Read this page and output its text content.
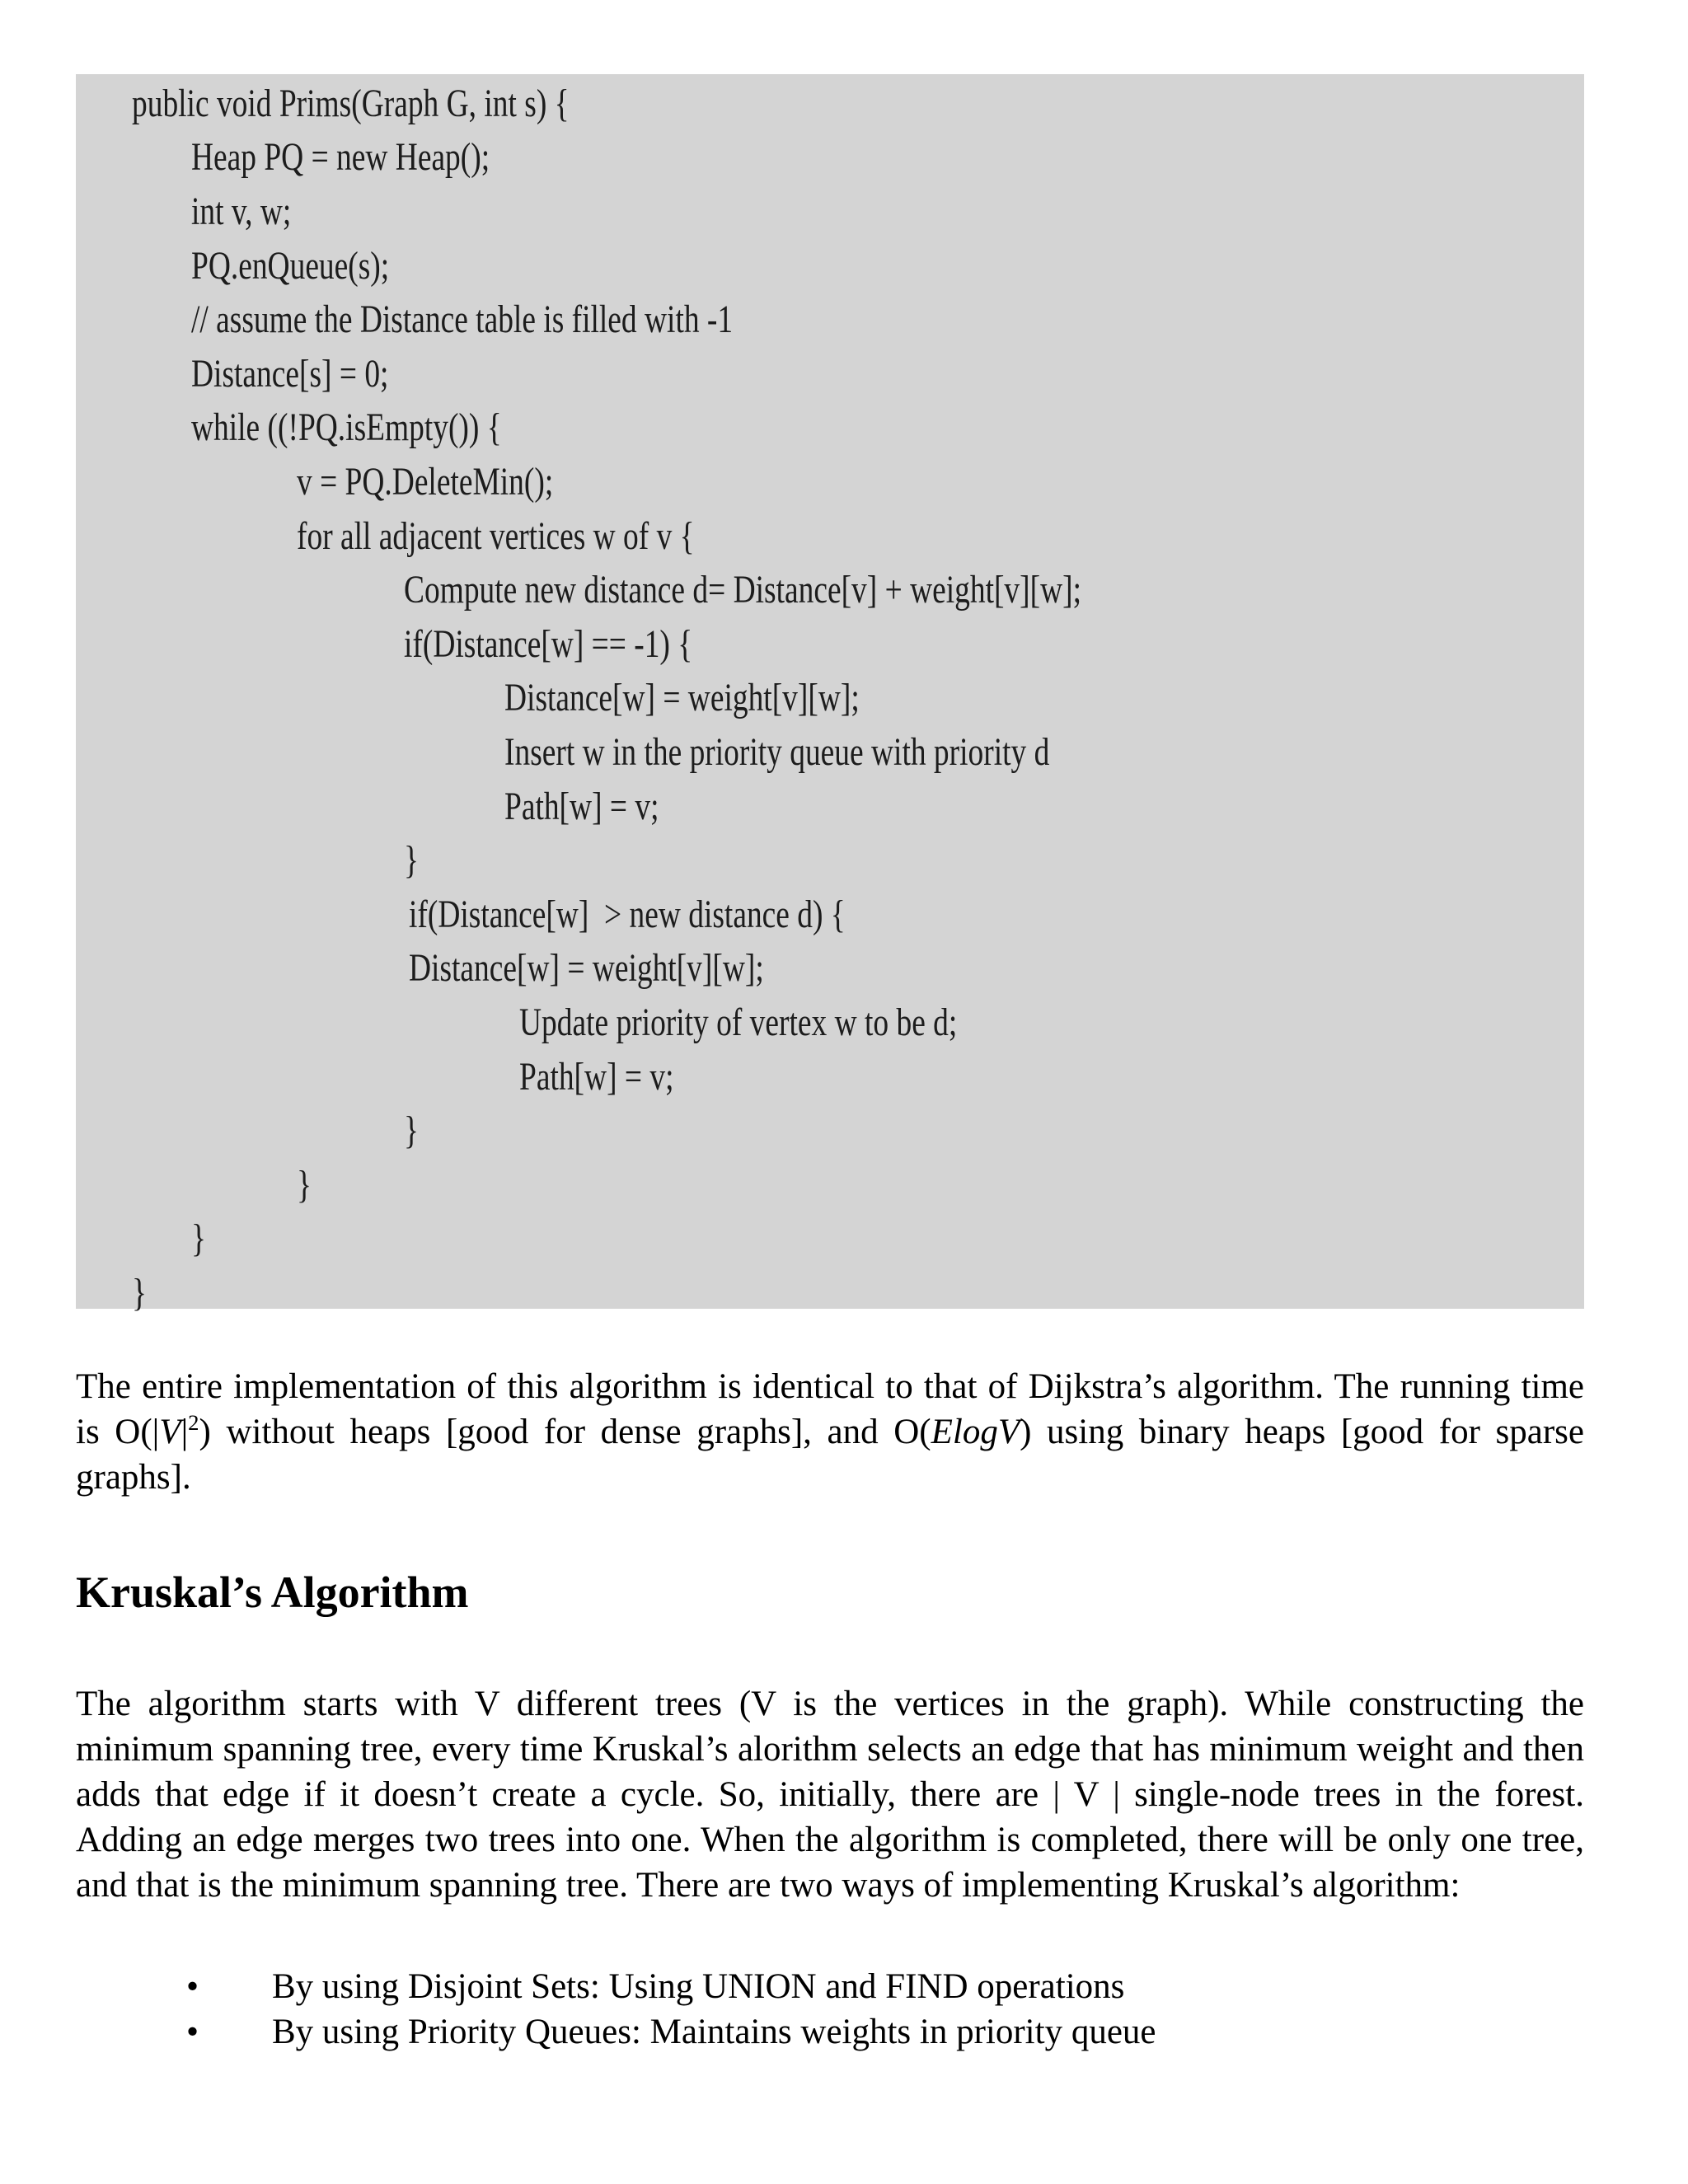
public void Prims(Graph G, int s) {
Heap PQ = new Heap();
int v, w;
PQ.enQueue(s);
// assume the Distance table is filled with -1
Distance[s] = 0;
while ((!PQ.isEmpty()) {
v = PQ.DeleteMin();
for all adjacent vertices w of v {
Compute new distance d= Distance[v] + weight[v][w];
if(Distance[w] == -1) {
Distance[w] = weight[v][w];
Insert w in the priority queue with priority d
Path[w] = v;
}
if(Distance[w]  > new distance d) {
Distance[w] = weight[v][w];
Update priority of vertex w to be d;
Path[w] = v;
}
}
}
}

The entire implementation of this algorithm is identical to that of Dijkstra’s algorithm. The running time is $O(|V|^2)$ without heaps [good for dense graphs], and O(ElogV) using binary heaps [good for sparse graphs].

Kruskal’s Algorithm

The algorithm starts with V different trees (V is the vertices in the graph). While constructing the minimum spanning tree, every time Kruskal’s alorithm selects an edge that has minimum weight and then adds that edge if it doesn’t create a cycle. So, initially, there are | V | single-node trees in the forest. Adding an edge merges two trees into one. When the algorithm is completed, there will be only one tree, and that is the minimum spanning tree. There are two ways of implementing Kruskal’s algorithm:

• By using Disjoint Sets: Using UNION and FIND operations
• By using Priority Queues: Maintains weights in priority queue
